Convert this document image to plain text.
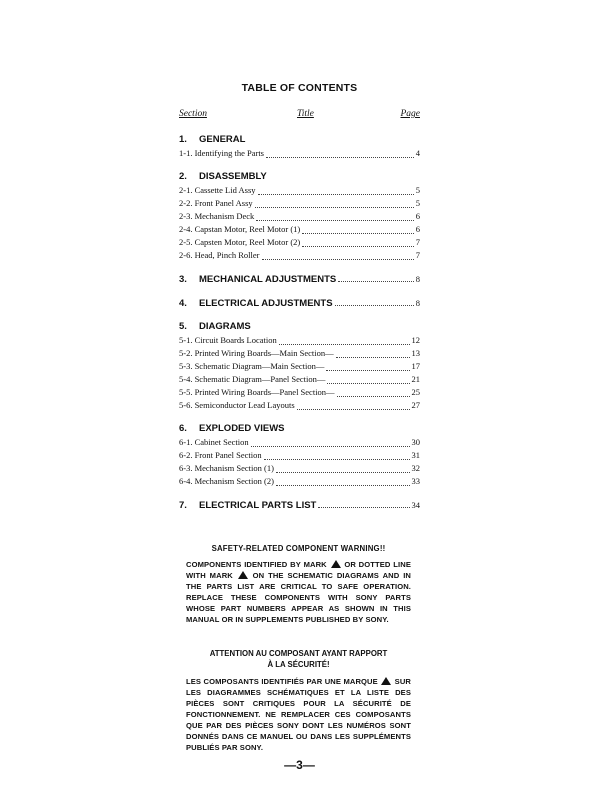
TABLE OF CONTENTS
Section	Title	Page
1.	GENERAL
1-1. Identifying the Parts	4
2.	DISASSEMBLY
2-1. Cassette Lid Assy	5
2-2. Front Panel Assy	5
2-3. Mechanism Deck	6
2-4. Capstan Motor, Reel Motor (1)	6
2-5. Capsten Motor, Reel Motor (2)	7
2-6. Head, Pinch Roller	7
3.	MECHANICAL ADJUSTMENTS	8
4.	ELECTRICAL ADJUSTMENTS	8
5.	DIAGRAMS
5-1. Circuit Boards Location	12
5-2. Printed Wiring Boards—Main Section—	13
5-3. Schematic Diagram—Main Section—	17
5-4. Schematic Diagram—Panel Section—	21
5-5. Printed Wiring Boards—Panel Section—	25
5-6. Semiconductor Lead Layouts	27
6.	EXPLODED VIEWS
6-1. Cabinet Section	30
6-2. Front Panel Section	31
6-3. Mechanism Section (1)	32
6-4. Mechanism Section (2)	33
7.	ELECTRICAL PARTS LIST	34
SAFETY-RELATED COMPONENT WARNING!!
COMPONENTS IDENTIFIED BY MARK OR DOTTED LINE WITH MARK	ON THE SCHEMATIC DIAGRAMS AND IN THE PARTS LIST ARE CRITICAL TO SAFE OPERATION. REPLACE THESE COMPONENTS WITH SONY PARTS WHOSE PART NUMBERS APPEAR AS SHOWN IN THIS MANUAL OR IN SUPPLEMENTS PUBLISHED BY SONY.
ATTENTION AU COMPOSANT AYANT RAPPORT
À LA SÉCURITÉ!
LES COMPOSANTS IDENTIFIÉS PAR UNE MARQUE SUR LES DIAGRAMMES SCHÉMATIQUES ET LA LISTE DES PIÈCES SONT CRITIQUES POUR LA SÉCURITÉ DE FONCTIONNEMENT. NE REMPLACER CES COMPOSANTS QUE PAR DES PIÈCES SONY DONT LES NUMÉROS SONT DONNÉS DANS CE MANUEL OU DANS LES SUPPLÉMENTS PUBLIÉS PAR SONY.
—3—
